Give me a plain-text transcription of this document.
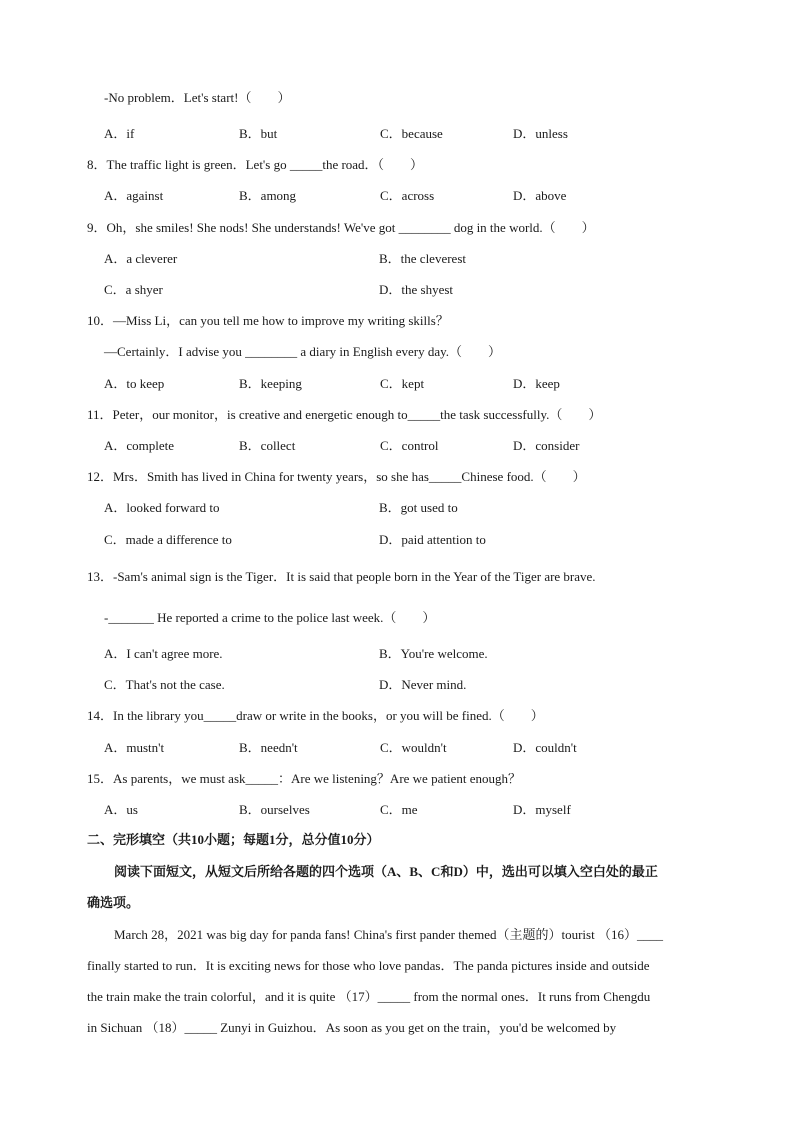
-No problem．Let's start!（　　）
A．if	B．but	C．because	D．unless
8．The traffic light is green．Let's go _____the road．（　　）
A．against	B．among	C．across	D．above
9．Oh，she smiles! She nods! She understands! We've got ________ dog in the world.（　　）
A．a cleverer	B．the cleverest
C．a shyer	D．the shyest
10．—Miss Li，can you tell me how to improve my writing skills？
—Certainly．I advise you ________ a diary in English every day.（　　）
A．to keep	B．keeping	C．kept	D．keep
11．Peter，our monitor，is creative and energetic enough to_____the task successfully.（　　）
A．complete	B．collect	C．control	D．consider
12．Mrs．Smith has lived in China for twenty years，so she has_____Chinese food.（　　）
A．looked forward to	B．got used to
C．made a difference to	D．paid attention to
13．-Sam's animal sign is the Tiger．It is said that people born in the Year of the Tiger are brave.
-_______ He reported a crime to the police last week.（　　）
A．I can't agree more.	B．You're welcome.
C．That's not the case.	D．Never mind.
14．In the library you_____draw or write in the books，or you will be fined.（　　）
A．mustn't	B．needn't	C．wouldn't	D．couldn't
15．As parents，we must ask_____：Are we listening？Are we patient enough？
A．us	B．ourselves	C．me	D．myself
二、完形填空（共10小题；每题1分，总分值10分）
阅读下面短文，从短文后所给各题的四个选项（A、B、C和D）中，选出可以填入空白处的最正
确选项。
March 28，2021 was big day for panda fans! China's first pander themed（主题的）tourist （16）____
finally started to run．It is exciting news for those who love pandas．The panda pictures inside and outside
the train make the train colorful，and it is quite （17）_____ from the normal ones．It runs from Chengdu
in Sichuan （18）_____ Zunyi in Guizhou．As soon as you get on the train，you'd be welcomed by
